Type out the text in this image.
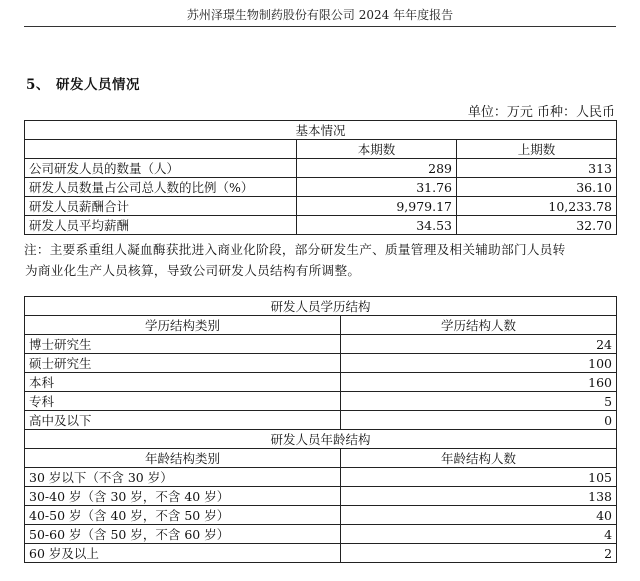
苏州泽璟生物制药股份有限公司 2024 年年度报告
5、 研发人员情况
单位：万元 币种：人民币
基本情况		
	本期数	上期数
公司研发人员的数量（人）	289	313
研发人员数量占公司总人数的比例（%）	31.76	36.10
研发人员薪酬合计	9,979.17	10,233.78
研发人员平均薪酬	34.53	32.70
注：主要系重组人凝血酶获批进入商业化阶段，部分研发生产、质量管理及相关辅助部门人员转
为商业化生产人员核算，导致公司研发人员结构有所调整。
研发人员学历结构	
学历结构类别	学历结构人数
博士研究生	24
硕士研究生	100
本科	160
专科	5
高中及以下	0
研发人员年龄结构	
年龄结构类别	年龄结构人数
30 岁以下（不含 30 岁）	105
30-40 岁（含 30 岁，不含 40 岁）	138
40-50 岁（含 40 岁，不含 50 岁）	40
50-60 岁（含 50 岁，不含 60 岁）	4
60 岁及以上	2
